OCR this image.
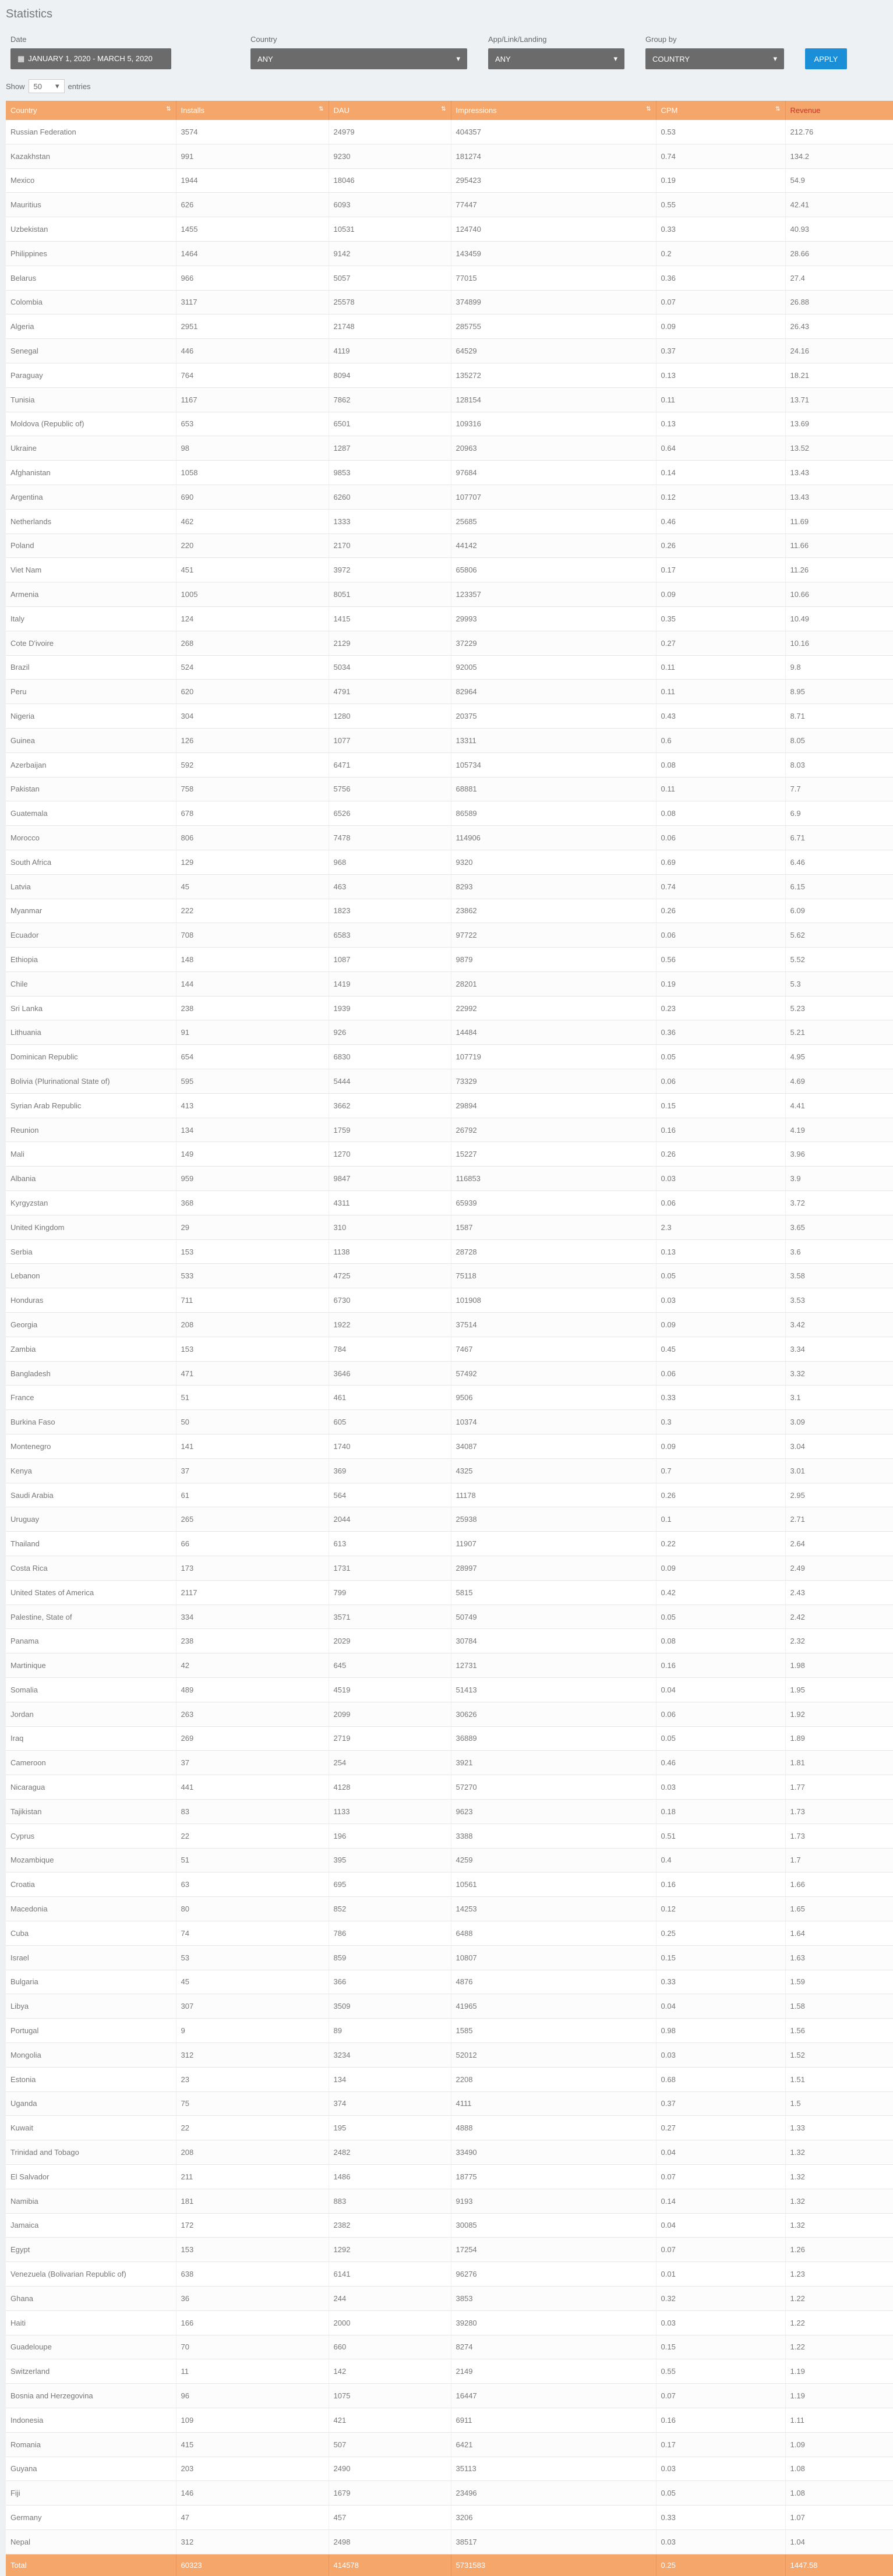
Statistics
Date
▦ JANUARY 1, 2020 - MARCH 5, 2020
Country
ANY	▾
App/Link/Landing
ANY	▾
Group by
COUNTRY	▾	APPLY
Show 50 ▾ entries
Country ⇅	Installs ⇅	DAU ⇅	Impressions ⇅	CPM ⇅	Revenue
Russian Federation	3574	24979	404357	0.53	212.76
Kazakhstan	991	9230	181274	0.74	134.2
Mexico	1944	18046	295423	0.19	54.9
Mauritius	626	6093	77447	0.55	42.41
Uzbekistan	1455	10531	124740	0.33	40.93
Philippines	1464	9142	143459	0.2	28.66
Belarus	966	5057	77015	0.36	27.4
Colombia	3117	25578	374899	0.07	26.88
Algeria	2951	21748	285755	0.09	26.43
Senegal	446	4119	64529	0.37	24.16
Paraguay	764	8094	135272	0.13	18.21
Tunisia	1167	7862	128154	0.11	13.71
Moldova (Republic of)	653	6501	109316	0.13	13.69
Ukraine	98	1287	20963	0.64	13.52
Afghanistan	1058	9853	97684	0.14	13.43
Argentina	690	6260	107707	0.12	13.43
Netherlands	462	1333	25685	0.46	11.69
Poland	220	2170	44142	0.26	11.66
Viet Nam	451	3972	65806	0.17	11.26
Armenia	1005	8051	123357	0.09	10.66
Italy	124	1415	29993	0.35	10.49
Cote D'ivoire	268	2129	37229	0.27	10.16
Brazil	524	5034	92005	0.11	9.8
Peru	620	4791	82964	0.11	8.95
Nigeria	304	1280	20375	0.43	8.71
Guinea	126	1077	13311	0.6	8.05
Azerbaijan	592	6471	105734	0.08	8.03
Pakistan	758	5756	68881	0.11	7.7
Guatemala	678	6526	86589	0.08	6.9
Morocco	806	7478	114906	0.06	6.71
South Africa	129	968	9320	0.69	6.46
Latvia	45	463	8293	0.74	6.15
Myanmar	222	1823	23862	0.26	6.09
Ecuador	708	6583	97722	0.06	5.62
Ethiopia	148	1087	9879	0.56	5.52
Chile	144	1419	28201	0.19	5.3
Sri Lanka	238	1939	22992	0.23	5.23
Lithuania	91	926	14484	0.36	5.21
Dominican Republic	654	6830	107719	0.05	4.95
Bolivia (Plurinational State of)	595	5444	73329	0.06	4.69
Syrian Arab Republic	413	3662	29894	0.15	4.41
Reunion	134	1759	26792	0.16	4.19
Mali	149	1270	15227	0.26	3.96
Albania	959	9847	116853	0.03	3.9
Kyrgyzstan	368	4311	65939	0.06	3.72
United Kingdom	29	310	1587	2.3	3.65
Serbia	153	1138	28728	0.13	3.6
Lebanon	533	4725	75118	0.05	3.58
Honduras	711	6730	101908	0.03	3.53
Georgia	208	1922	37514	0.09	3.42
Zambia	153	784	7467	0.45	3.34
Bangladesh	471	3646	57492	0.06	3.32
France	51	461	9506	0.33	3.1
Burkina Faso	50	605	10374	0.3	3.09
Montenegro	141	1740	34087	0.09	3.04
Kenya	37	369	4325	0.7	3.01
Saudi Arabia	61	564	11178	0.26	2.95
Uruguay	265	2044	25938	0.1	2.71
Thailand	66	613	11907	0.22	2.64
Costa Rica	173	1731	28997	0.09	2.49
United States of America	2117	799	5815	0.42	2.43
Palestine, State of	334	3571	50749	0.05	2.42
Panama	238	2029	30784	0.08	2.32
Martinique	42	645	12731	0.16	1.98
Somalia	489	4519	51413	0.04	1.95
Jordan	263	2099	30626	0.06	1.92
Iraq	269	2719	36889	0.05	1.89
Cameroon	37	254	3921	0.46	1.81
Nicaragua	441	4128	57270	0.03	1.77
Tajikistan	83	1133	9623	0.18	1.73
Cyprus	22	196	3388	0.51	1.73
Mozambique	51	395	4259	0.4	1.7
Croatia	63	695	10561	0.16	1.66
Macedonia	80	852	14253	0.12	1.65
Cuba	74	786	6488	0.25	1.64
Israel	53	859	10807	0.15	1.63
Bulgaria	45	366	4876	0.33	1.59
Libya	307	3509	41965	0.04	1.58
Portugal	9	89	1585	0.98	1.56
Mongolia	312	3234	52012	0.03	1.52
Estonia	23	134	2208	0.68	1.51
Uganda	75	374	4111	0.37	1.5
Kuwait	22	195	4888	0.27	1.33
Trinidad and Tobago	208	2482	33490	0.04	1.32
El Salvador	211	1486	18775	0.07	1.32
Namibia	181	883	9193	0.14	1.32
Jamaica	172	2382	30085	0.04	1.32
Egypt	153	1292	17254	0.07	1.26
Venezuela (Bolivarian Republic of)	638	6141	96276	0.01	1.23
Ghana	36	244	3853	0.32	1.22
Haiti	166	2000	39280	0.03	1.22
Guadeloupe	70	660	8274	0.15	1.22
Switzerland	11	142	2149	0.55	1.19
Bosnia and Herzegovina	96	1075	16447	0.07	1.19
Indonesia	109	421	6911	0.16	1.11
Romania	415	507	6421	0.17	1.09
Guyana	203	2490	35113	0.03	1.08
Fiji	146	1679	23496	0.05	1.08
Germany	47	457	3206	0.33	1.07
Nepal	312	2498	38517	0.03	1.04
Total	60323	414578	5731583	0.25	1447.58
